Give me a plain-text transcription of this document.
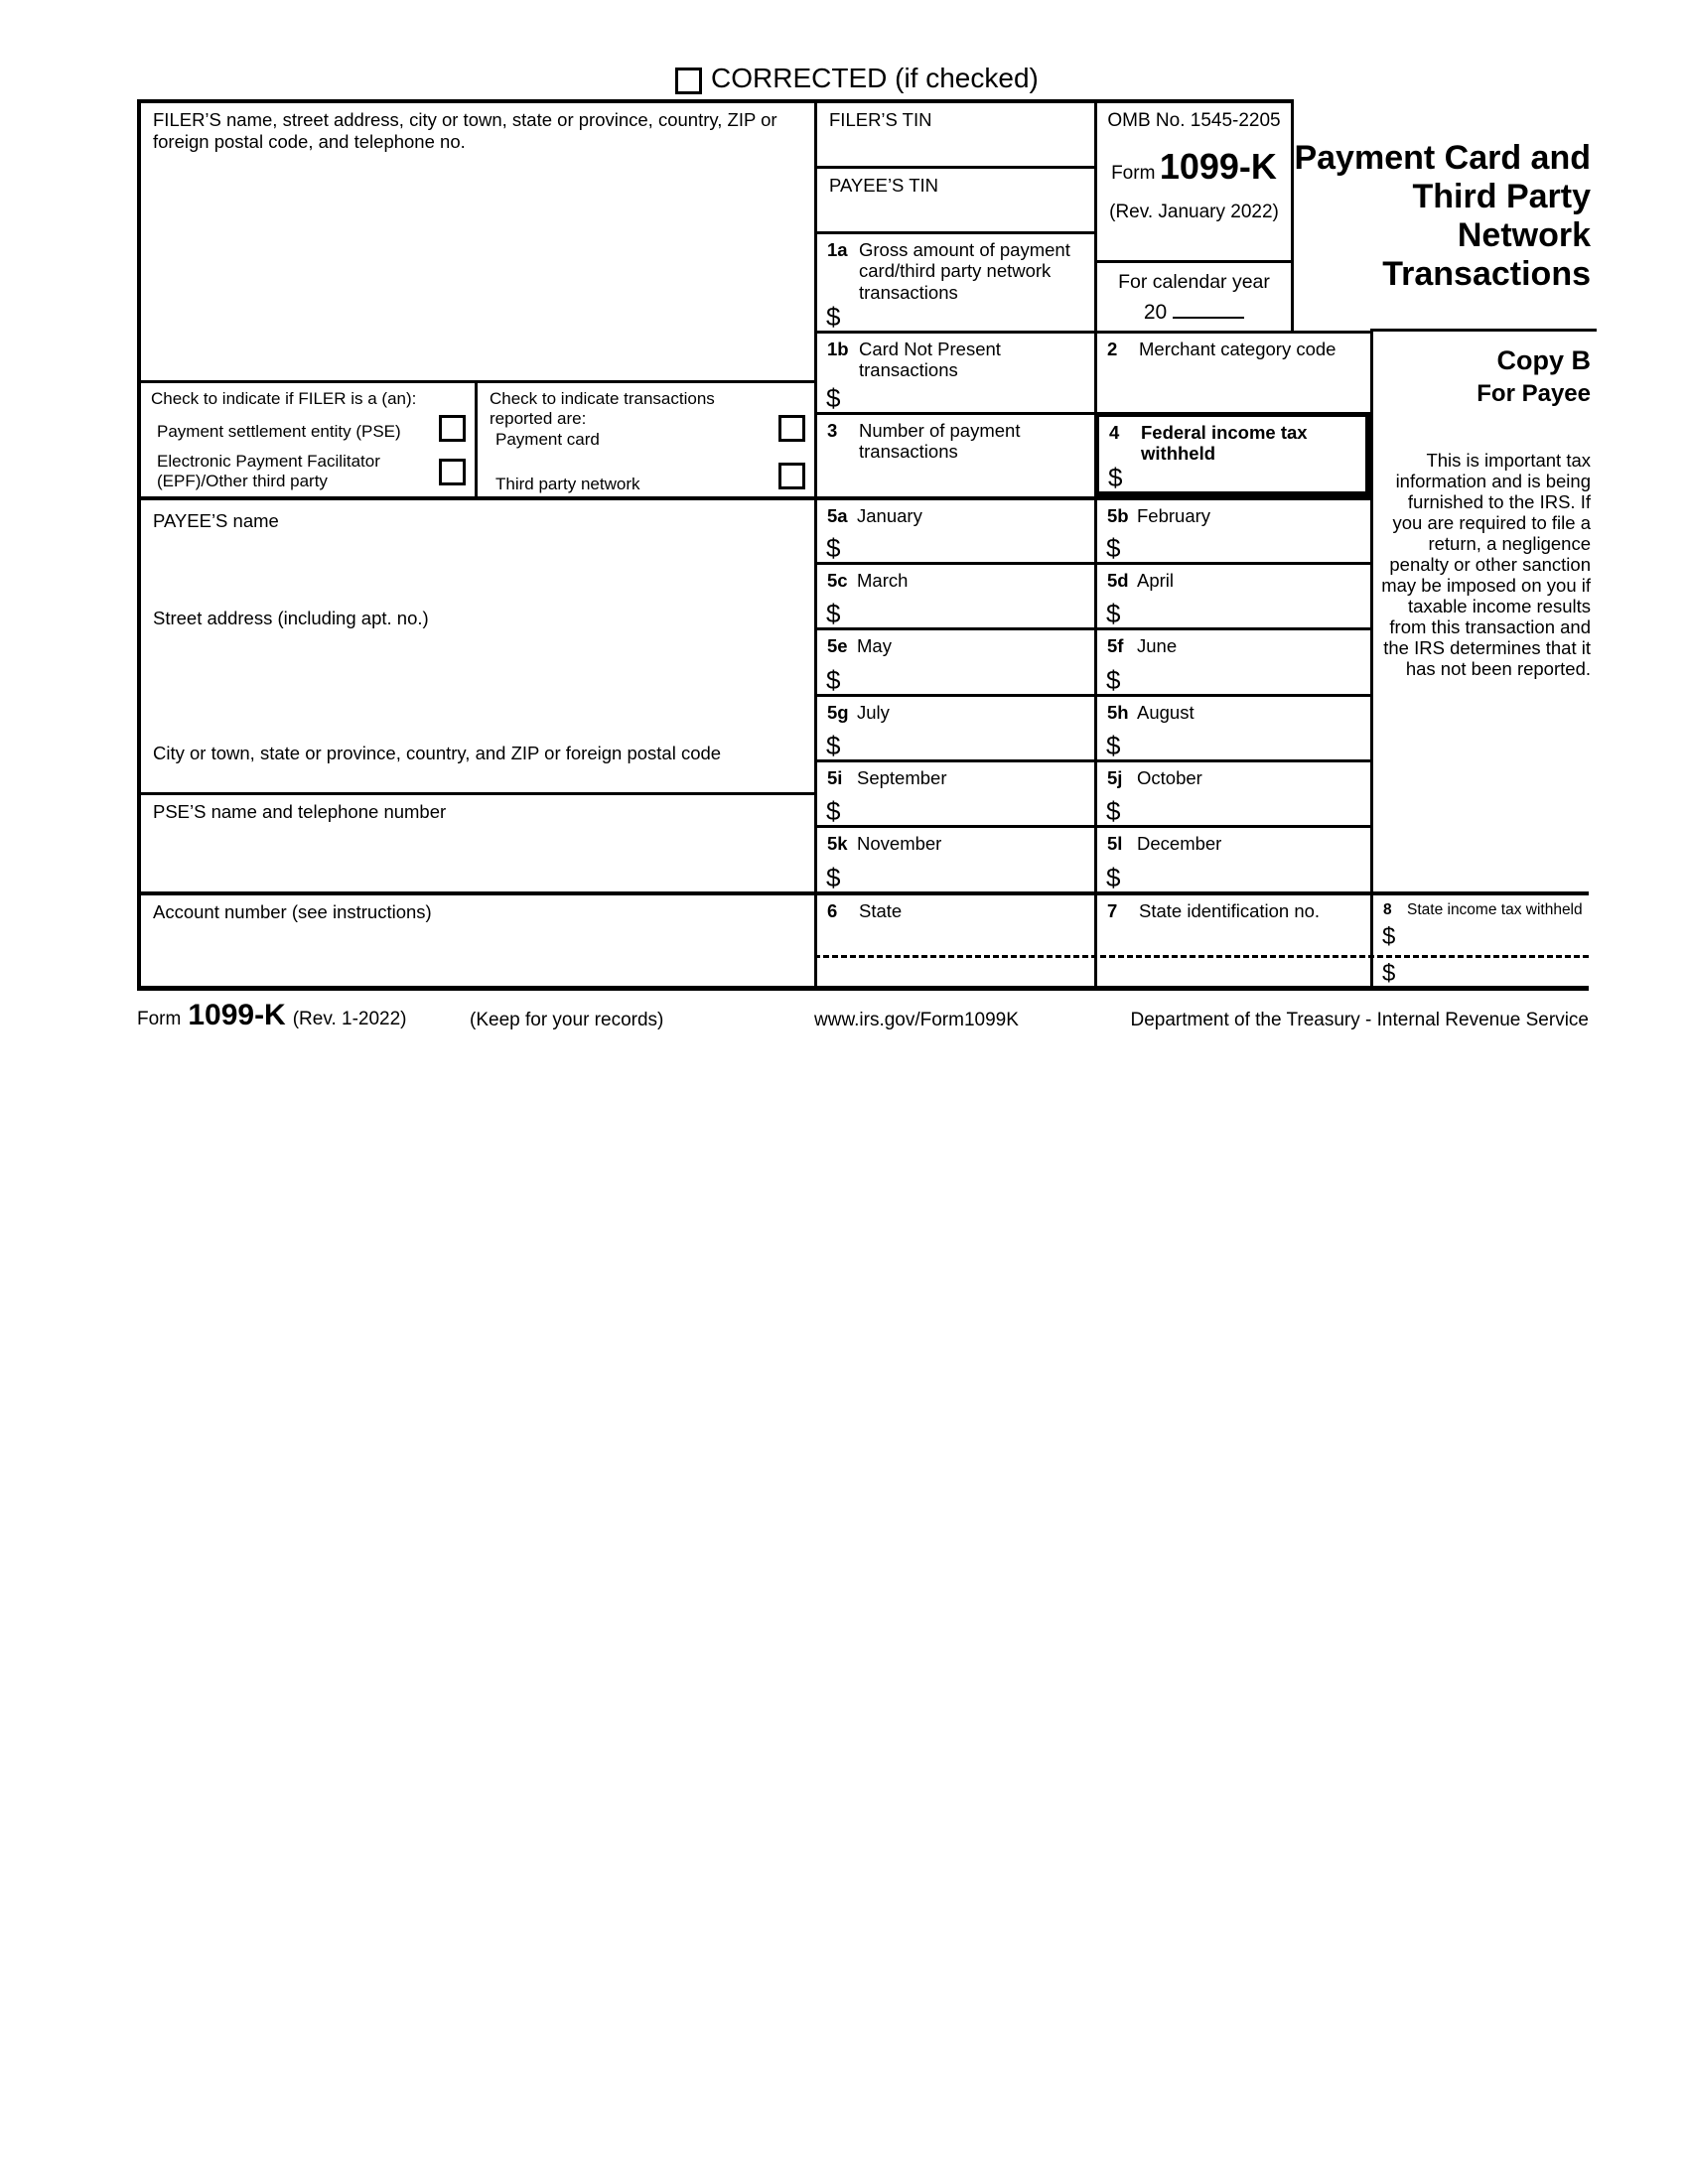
CORRECTED (if checked)
FILER’S name, street address, city or town, state or province, country, ZIP or foreign postal code, and telephone no.
Check to indicate if FILER is a (an):
Payment settlement entity (PSE)
Electronic Payment Facilitator
(EPF)/Other third party
Check to indicate transactions
reported are:
Payment card
Third party network
PAYEE’S name
Street address (including apt. no.)
City or town, state or province, country, and ZIP or foreign postal code
PSE’S name and telephone number
Account number (see instructions)
FILER’S TIN
PAYEE’S TIN
1a Gross amount of payment card/third party network transactions
$
1b Card Not Present transactions
$
3	Number of payment transactions
OMB No. 1545-2205
Form 1099-K
(Rev. January 2022)
For calendar year
20
2	Merchant category code
4	Federal income tax withheld
$
5a January
$
5b February
$
5c March
$
5d April
$
5e May
$
5f June
$
5g July
$
5h August
$
5i September
$
5j October
$
5k November
$
5l December
$
6	State	7	State identification no.	8 State income tax withheld
$
$
Copy B
For Payee
This is important tax information and is being furnished to the IRS. If you are required to file a return, a negligence penalty or other sanction may be imposed on you if taxable income results from this transaction and the IRS determines that it has not been reported.
Payment Card and
Third Party
Network
Transactions
Form 1099-K (Rev. 1-2022)	(Keep for your records)	www.irs.gov/Form1099K	Department of the Treasury - Internal Revenue Service
